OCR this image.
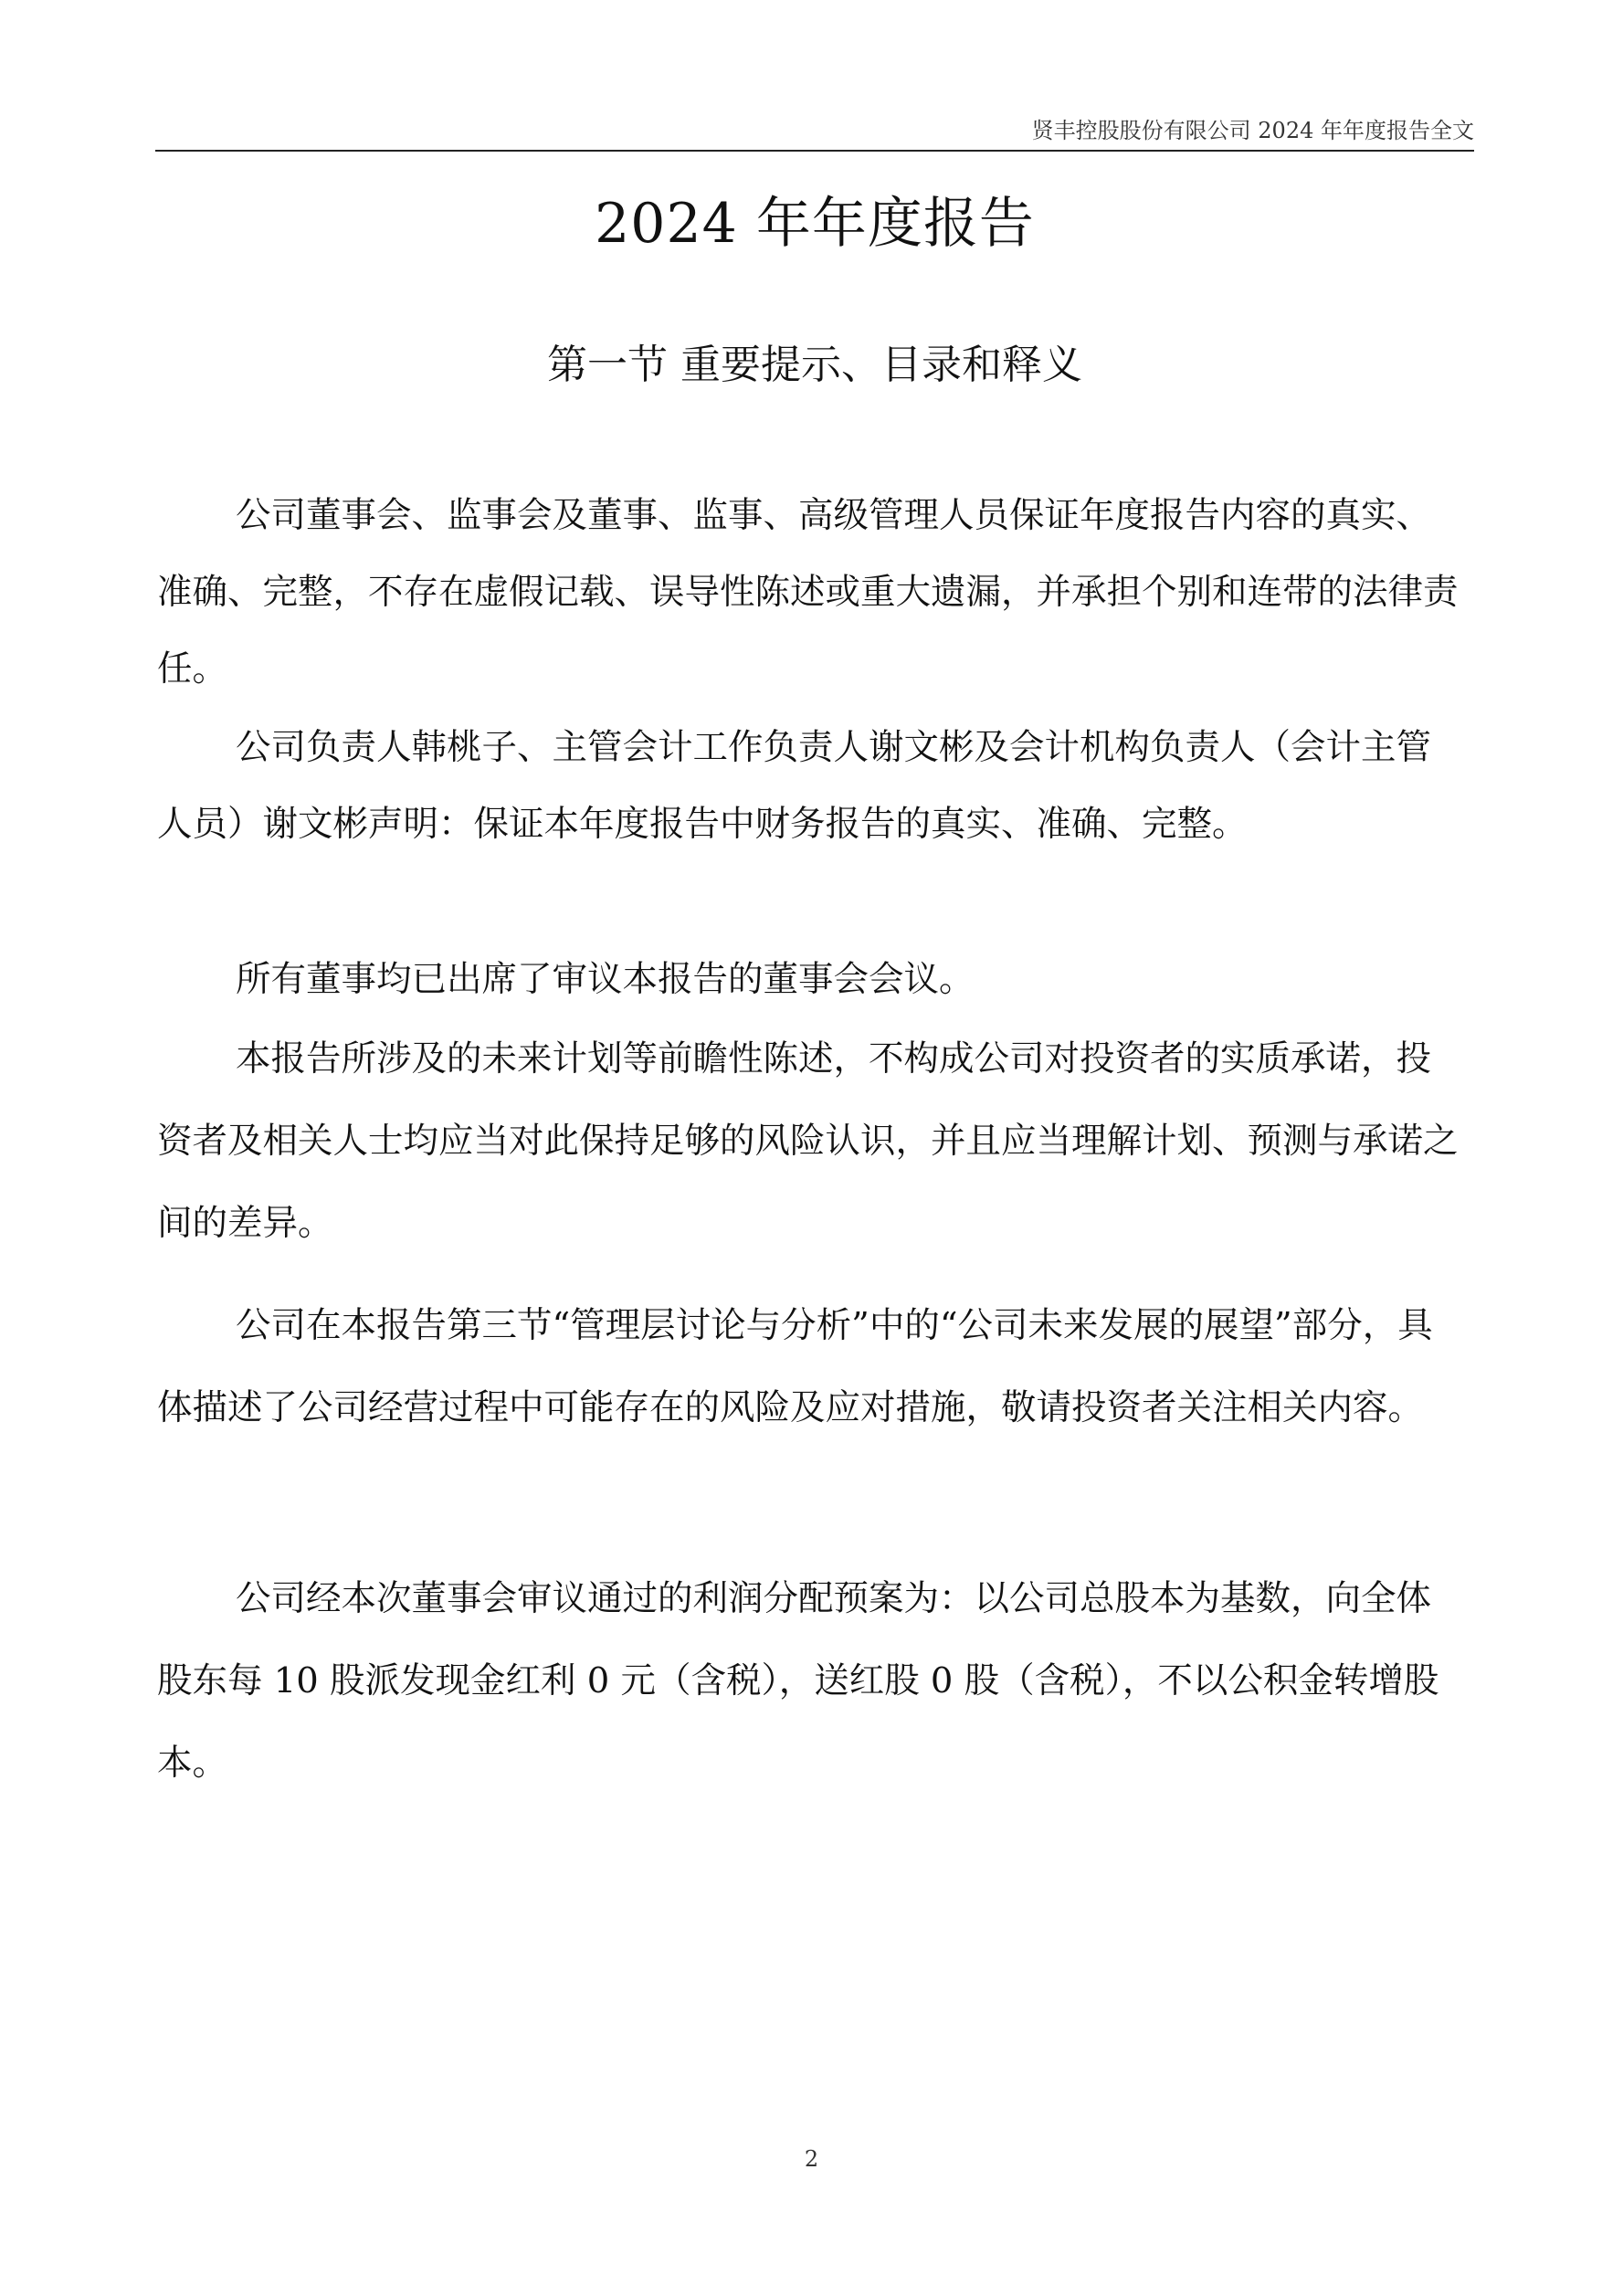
贤丰控股股份有限公司 2024 年年度报告全文
2024 年年度报告
第一节 重要提示、目录和释义

公司董事会、监事会及董事、监事、高级管理人员保证年度报告内容的真实、准确、完整，不存在虚假记载、误导性陈述或重大遗漏，并承担个别和连带的法律责任。

公司负责人韩桃子、主管会计工作负责人谢文彬及会计机构负责人（会计主管人员）谢文彬声明：保证本年度报告中财务报告的真实、准确、完整。

所有董事均已出席了审议本报告的董事会会议。

本报告所涉及的未来计划等前瞻性陈述，不构成公司对投资者的实质承诺，投资者及相关人士均应当对此保持足够的风险认识，并且应当理解计划、预测与承诺之间的差异。

公司在本报告第三节“管理层讨论与分析”中的“公司未来发展的展望”部分，具体描述了公司经营过程中可能存在的风险及应对措施，敬请投资者关注相关内容。

公司经本次董事会审议通过的利润分配预案为：以公司总股本为基数，向全体股东每 10 股派发现金红利 0 元（含税），送红股 0 股（含税），不以公积金转增股本。

2
